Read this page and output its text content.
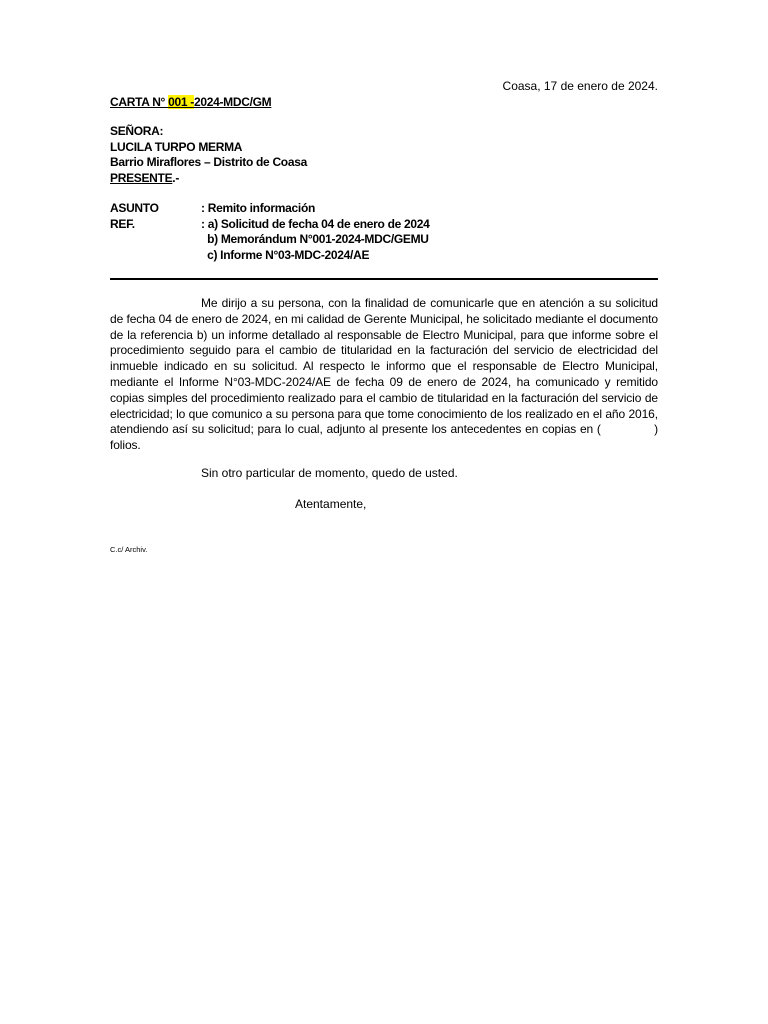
Coasa, 17 de enero de 2024.
CARTA N° 001 -2024-MDC/GM
SEÑORA:
LUCILA TURPO MERMA
Barrio Miraflores – Distrito de Coasa
PRESENTE.-
ASUNTO	: Remito información
REF.	: a) Solicitud de fecha 04 de enero de 2024
b) Memorándum N°001-2024-MDC/GEMU
c) Informe N°03-MDC-2024/AE
Me dirijo a su persona, con la finalidad de comunicarle que en atención a su solicitud de fecha 04 de enero de 2024, en mi calidad de Gerente Municipal, he solicitado mediante el documento de la referencia b) un informe detallado al responsable de Electro Municipal, para que informe sobre el procedimiento seguido para el cambio de titularidad en la facturación del servicio de electricidad del inmueble indicado en su solicitud. Al respecto le informo que el responsable de Electro Municipal, mediante el Informe N°03-MDC-2024/AE de fecha 09 de enero de 2024, ha comunicado y remitido copias simples del procedimiento realizado para el cambio de titularidad en la facturación del servicio de electricidad; lo que comunico a su persona para que tome conocimiento de los realizado en el año 2016, atendiendo así su solicitud; para lo cual, adjunto al presente los antecedentes en copias en (              ) folios.
Sin otro particular de momento, quedo de usted.
Atentamente,
C.c/ Archiv.
